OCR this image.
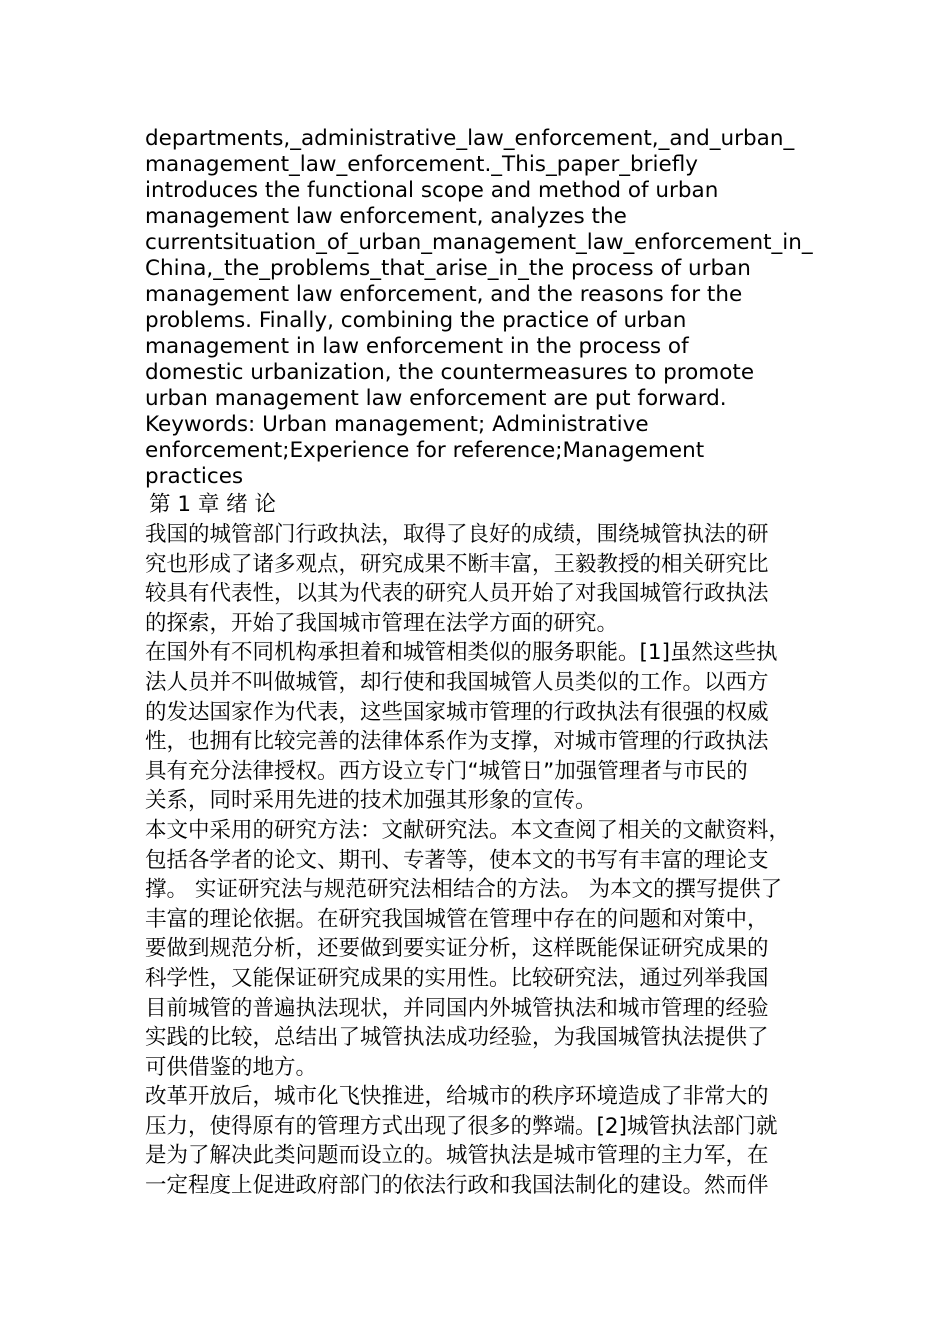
departments,_administrative_law_enforcement,_and_urban_

management_law_enforcement._This_paper_briefly

introduces the functional scope and method of urban

management law enforcement, analyzes the

currentsituation_of_urban_management_law_enforcement_in_

China,_the_problems_that_arise_in_the process of urban

management law enforcement, and the reasons for the

problems. Finally, combining the practice of urban

management in law enforcement in the process of

domestic urbanization, the countermeasures to promote

urban management law enforcement are put forward.

Keywords: Urban management; Administrative

enforcement;Experience for reference;Management

practices

第 1 章 绪 论

我国的城管部门行政执法，取得了良好的成绩，围绕城管执法的研

究也形成了诸多观点，研究成果不断丰富，王毅教授的相关研究比

较具有代表性，以其为代表的研究人员开始了对我国城管行政执法

的探索，开始了我国城市管理在法学方面的研究。

在国外有不同机构承担着和城管相类似的服务职能。[1]虽然这些执

法人员并不叫做城管，却行使和我国城管人员类似的工作。以西方

的发达国家作为代表，这些国家城市管理的行政执法有很强的权威

性，也拥有比较完善的法律体系作为支撑，对城市管理的行政执法

具有充分法律授权。西方设立专门“城管日”加强管理者与市民的

关系，同时采用先进的技术加强其形象的宣传。

本文中采用的研究方法：文献研究法。本文查阅了相关的文献资料，

包括各学者的论文、期刊、专著等，使本文的书写有丰富的理论支

撑。 实证研究法与规范研究法相结合的方法。 为本文的撰写提供了

丰富的理论依据。在研究我国城管在管理中存在的问题和对策中，

要做到规范分析，还要做到要实证分析，这样既能保证研究成果的

科学性，又能保证研究成果的实用性。比较研究法，通过列举我国

目前城管的普遍执法现状，并同国内外城管执法和城市管理的经验

实践的比较，总结出了城管执法成功经验，为我国城管执法提供了

可供借鉴的地方。

改革开放后，城市化飞快推进，给城市的秩序环境造成了非常大的

压力，使得原有的管理方式出现了很多的弊端。[2]城管执法部门就

是为了解决此类问题而设立的。城管执法是城市管理的主力军，在

一定程度上促进政府部门的依法行政和我国法制化的建设。然而伴
